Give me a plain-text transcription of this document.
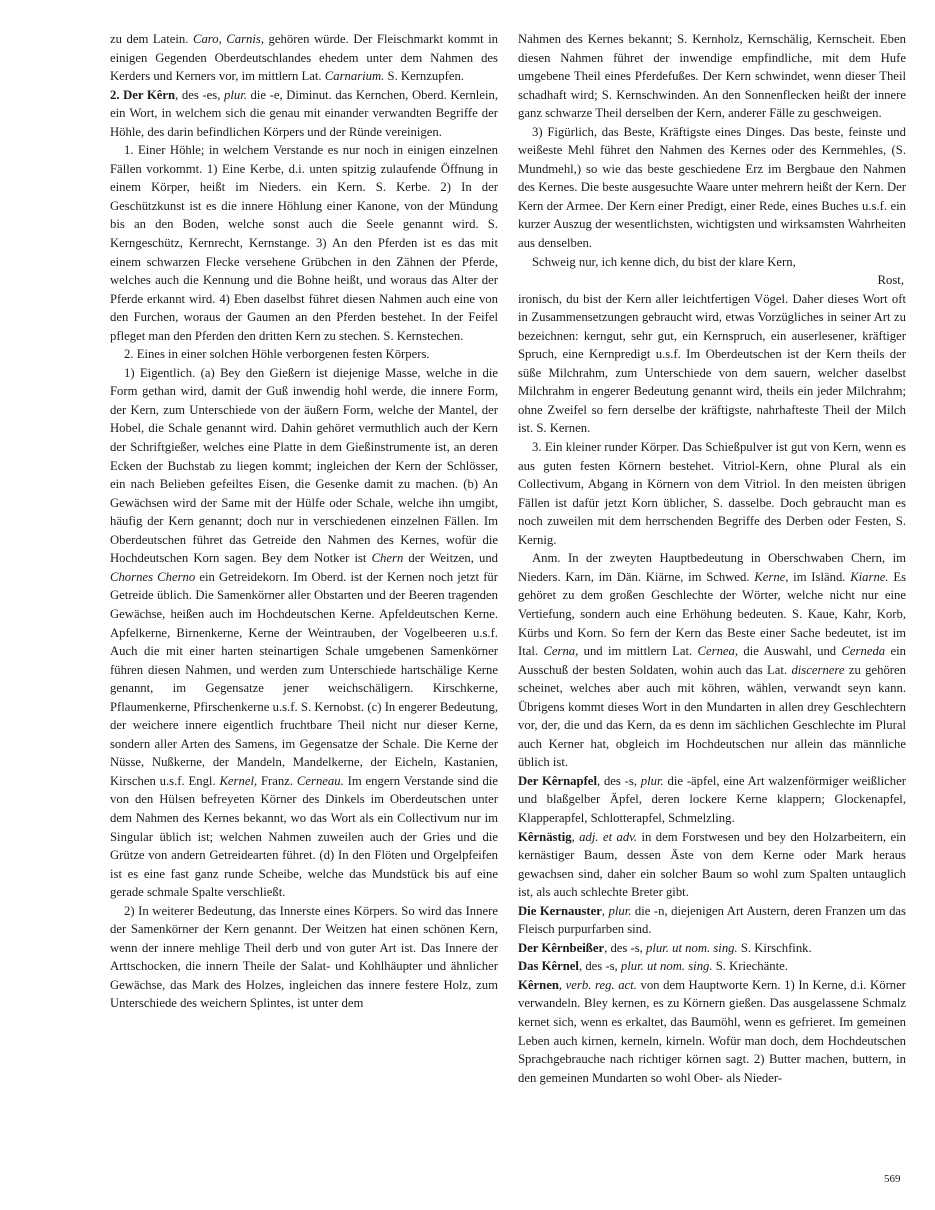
zu dem Latein. Caro, Carnis, gehören würde. Der Fleischmarkt kommt in einigen Gegenden Oberdeutschlandes ehedem unter dem Nahmen des Kerders und Kerners vor, im mittlern Lat. Carnarium. S. Kernzupfen.

2. Der Kêrn, des -es, plur. die -e, Diminut. das Kernchen, Oberd. Kernlein, ein Wort, in welchem sich die genau mit einander verwandten Begriffe der Höhle, des darin befindlichen Körpers und der Ründe vereinigen.

1. Einer Höhle; in welchem Verstande es nur noch in einigen einzelnen Fällen vorkommt. 1) Eine Kerbe, d.i. unten spitzig zulaufende Öffnung in einem Körper, heißt im Nieders. ein Kern. S. Kerbe. 2) In der Geschützkunst ist es die innere Höhlung einer Kanone, von der Mündung bis an den Boden, welche sonst auch die Seele genannt wird. S. Kerngeschütz, Kernrecht, Kernstange. 3) An den Pferden ist es das mit einem schwarzen Flecke versehene Grübchen in den Zähnen der Pferde, welches auch die Kennung und die Bohne heißt, und woraus das Alter der Pferde erkannt wird. 4) Eben daselbst führet diesen Nahmen auch eine von den Furchen, woraus der Gaumen an den Pferden bestehet. In der Feifel pfleget man den Pferden den dritten Kern zu stechen. S. Kernstechen.

2. Eines in einer solchen Höhle verborgenen festen Körpers.

1) Eigentlich. (a) Bey den Gießern ist diejenige Masse, welche in die Form gethan wird, damit der Guß inwendig hohl werde, die innere Form, der Kern, zum Unterschiede von der äußern Form, welche der Mantel, der Hobel, die Schale genannt wird. Dahin gehöret vermuthlich auch der Kern der Schriftgießer, welches eine Platte in dem Gießinstrumente ist, an deren Ecken der Buchstab zu liegen kommt; ingleichen der Kern der Schlösser, ein nach Belieben gefeiltes Eisen, die Gesenke damit zu machen. (b) An Gewächsen wird der Same mit der Hülfe oder Schale, welche ihn umgibt, häufig der Kern genannt; doch nur in verschiedenen einzelnen Fällen. Im Oberdeutschen führet das Getreide den Nahmen des Kernes, wofür die Hochdeutschen Korn sagen. Bey dem Notker ist Chern der Weitzen, und Chornes Cherno ein Getreidekorn. Im Oberd. ist der Kernen noch jetzt für Getreide üblich. Die Samenkörner aller Obstarten und der Beeren tragenden Gewächse, heißen auch im Hochdeutschen Kerne. Apfeldeutschen Kerne. Apfelkerne, Birnenkerne, Kerne der Weintrauben, der Vogelbeeren u.s.f. Auch die mit einer harten steinartigen Schale umgebenen Samenkörner führen diesen Nahmen, und werden zum Unterschiede hartschälige Kerne genannt, im Gegensatze jener weichschäligern. Kirschkerne, Pflaumenkerne, Pfirschenkerne u.s.f. S. Kernobst. (c) In engerer Bedeutung, der weichere innere eigentlich fruchtbare Theil nicht nur dieser Kerne, sondern aller Arten des Samens, im Gegensatze der Schale. Die Kerne der Nüsse, Nußkerne, der Mandeln, Mandelkerne, der Eicheln, Kastanien, Kirschen u.s.f. Engl. Kernel, Franz. Cerneau. Im engern Verstande sind die von den Hülsen befreyeten Körner des Dinkels im Oberdeutschen unter dem Nahmen des Kernes bekannt, wo das Wort als ein Collectivum nur im Singular üblich ist; welchen Nahmen zuweilen auch der Gries und die Grütze von andern Getreidearten führet. (d) In den Flöten und Orgelpfeifen ist es eine fast ganz runde Scheibe, welche das Mundstück bis auf eine gerade schmale Spalte verschließt.

2) In weiterer Bedeutung, das Innerste eines Körpers. So wird das Innere der Samenkörner der Kern genannt. Der Weitzen hat einen schönen Kern, wenn der innere mehlige Theil derb und von guter Art ist. Das Innere der Arttschocken, die innern Theile der Salat- und Kohlhäupter und ähnlicher Gewächse, das Mark des Holzes, ingleichen das innere festere Holz, zum Unterschiede des weichern Splintes, ist unter dem

Nahmen des Kernes bekannt; S. Kernholz, Kernschälig, Kernscheit. Eben diesen Nahmen führet der inwendige empfindliche, mit dem Hufe umgebene Theil eines Pferdefußes. Der Kern schwindet, wenn dieser Theil schadhaft wird; S. Kernschwinden. An den Sonnenflecken heißt der innere ganz schwarze Theil derselben der Kern, anderer Fälle zu geschweigen.

3) Figürlich, das Beste, Kräftigste eines Dinges. Das beste, feinste und weißeste Mehl führet den Nahmen des Kernes oder des Kernmehles, (S. Mundmehl,) so wie das beste geschiedene Erz im Bergbaue den Nahmen des Kernes. Die beste ausgesuchte Waare unter mehrern heißt der Kern. Der Kern der Armee. Der Kern einer Predigt, einer Rede, eines Buches u.s.f. ein kurzer Auszug der wesentlichsten, wichtigsten und wirksamsten Wahrheiten aus denselben.

Schweig nur, ich kenne dich, du bist der klare Kern,

Rost,

ironisch, du bist der Kern aller leichtfertigen Vögel. Daher dieses Wort oft in Zusammensetzungen gebraucht wird, etwas Vorzügliches in seiner Art zu bezeichnen: kerngut, sehr gut, ein Kernspruch, ein auserlesener, kräftiger Spruch, eine Kernpredigt u.s.f. Im Oberdeutschen ist der Kern theils der süße Milchrahm, zum Unterschiede von dem sauern, welcher daselbst Milchrahm in engerer Bedeutung genannt wird, theils ein jeder Milchrahm; ohne Zweifel so fern derselbe der kräftigste, nahrhafteste Theil der Milch ist. S. Kernen.

3. Ein kleiner runder Körper. Das Schießpulver ist gut von Kern, wenn es aus guten festen Körnern bestehet. Vitriol-Kern, ohne Plural als ein Collectivum, Abgang in Körnern von dem Vitriol. In den meisten übrigen Fällen ist dafür jetzt Korn üblicher, S. dasselbe. Doch gebraucht man es noch zuweilen mit dem herrschenden Begriffe des Derben oder Festen, S. Kernig.

Anm. In der zweyten Hauptbedeutung in Oberschwaben Chern, im Nieders. Karn, im Dän. Kiärne, im Schwed. Kerne, im Isländ. Kiarne. Es gehöret zu dem großen Geschlechte der Wörter, welche nicht nur eine Vertiefung, sondern auch eine Erhöhung bedeuten. S. Kaue, Kahr, Korb, Kürbs und Korn. So fern der Kern das Beste einer Sache bedeutet, ist im Ital. Cerna, und im mittlern Lat. Cernea, die Auswahl, und Cerneda ein Ausschuß der besten Soldaten, wohin auch das Lat. discernere zu gehören scheinet, welches aber auch mit köhren, wählen, verwandt seyn kann. Übrigens kommt dieses Wort in den Mundarten in allen drey Geschlechtern vor, der, die und das Kern, da es denn im sächlichen Geschlechte im Plural auch Kerner hat, obgleich im Hochdeutschen nur allein das männliche üblich ist.

Der Kêrnapfel, des -s, plur. die -äpfel, eine Art walzenförmiger weißlicher und blaßgelber Äpfel, deren lockere Kerne klappern; Glockenapfel, Klapperapfel, Schlotterapfel, Schmelzling.

Kêrnästig, adj. et adv. in dem Forstwesen und bey den Holzarbeitern, ein kernästiger Baum, dessen Äste von dem Kerne oder Mark heraus gewachsen sind, daher ein solcher Baum so wohl zum Spalten untauglich ist, als auch schlechte Breter gibt.

Die Kernauster, plur. die -n, diejenigen Art Austern, deren Franzen um das Fleisch purpurfarben sind.

Der Kêrnbeißer, des -s, plur. ut nom. sing. S. Kirschfink.

Das Kêrnel, des -s, plur. ut nom. sing. S. Kriechänte.

Kêrnen, verb. reg. act. von dem Hauptworte Kern. 1) In Kerne, d.i. Körner verwandeln. Bley kernen, es zu Körnern gießen. Das ausgelassene Schmalz kernet sich, wenn es erkaltet, das Baumöhl, wenn es gefrieret. Im gemeinen Leben auch kirnen, kerneln, kirneln. Wofür man doch, dem Hochdeutschen Sprachgebrauche nach richtiger körnen sagt. 2) Butter machen, buttern, in den gemeinen Mundarten so wohl Ober- als Nieder-

569
